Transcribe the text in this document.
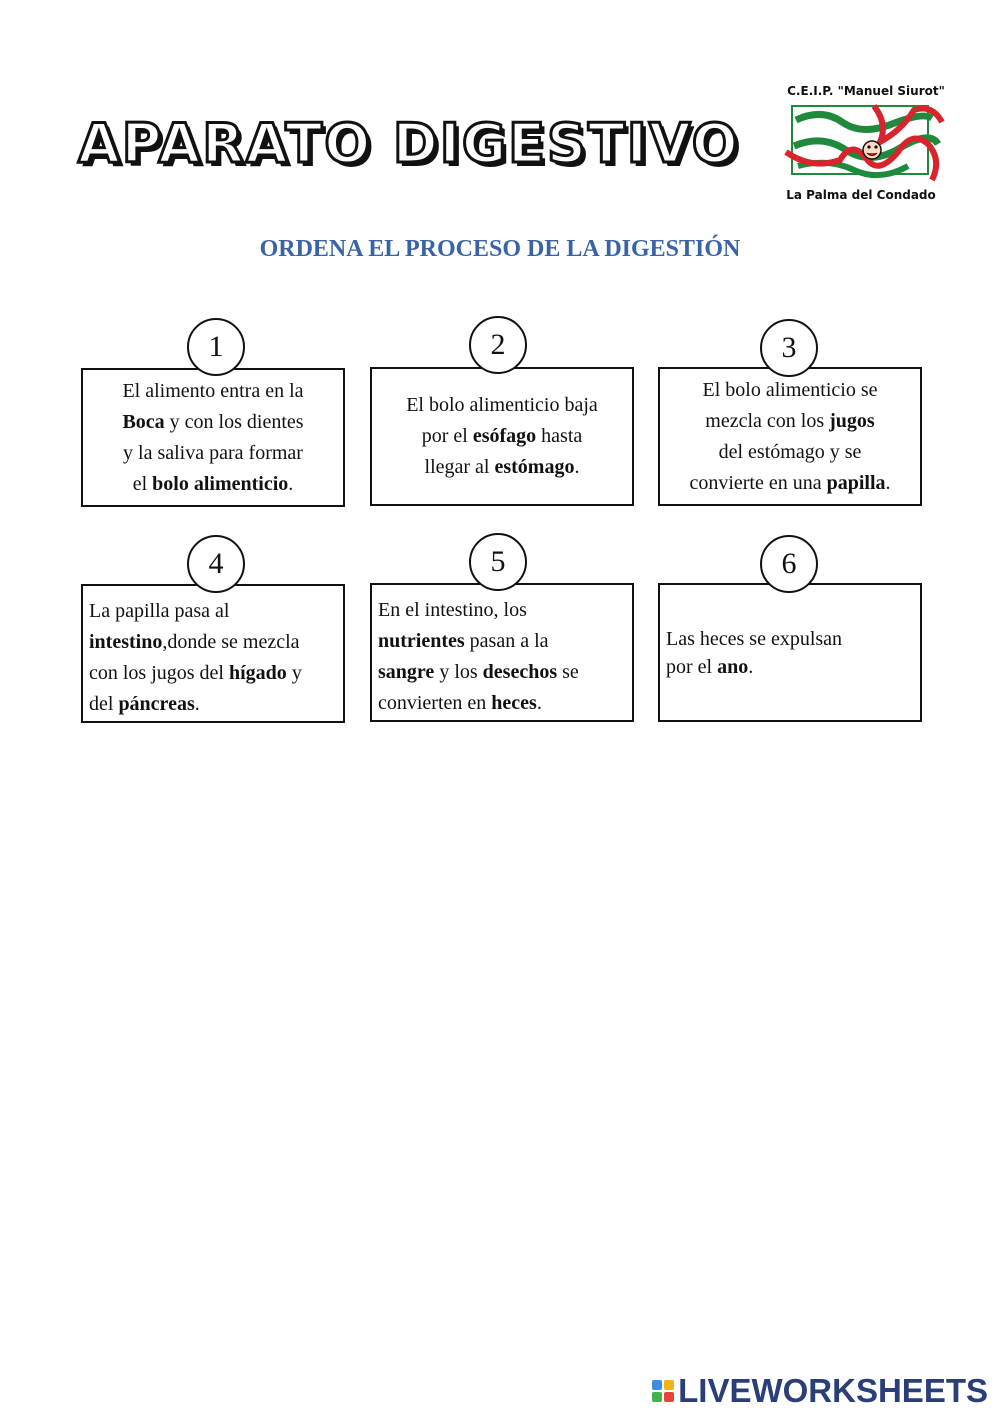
APARATO DIGESTIVO
C.E.I.P. "Manuel Siurot"
La Palma del Condado
ORDENA EL PROCESO DE LA DIGESTIÓN
El alimento entra en la
Boca y con los dientes
y la saliva para formar
el bolo alimenticio.
1
El bolo alimenticio baja
por el esófago hasta
llegar al estómago.
2
El bolo alimenticio se
mezcla con los jugos
del estómago y se
convierte en una papilla.
3
La papilla pasa al
intestino,donde se mezcla
con los jugos del hígado y
del páncreas.
4
En el intestino, los
nutrientes pasan a la
sangre y los desechos se
convierten en heces.
5
Las heces se expulsan
por el ano.
6
LIVEWORKSHEETS
